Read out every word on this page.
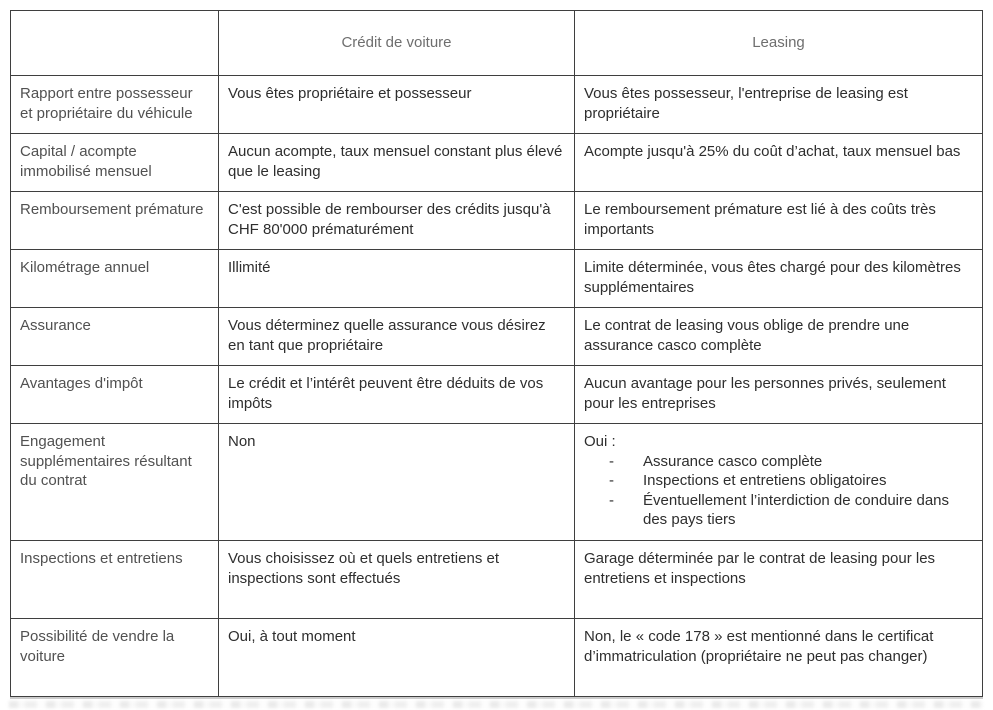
	Crédit de voiture	Leasing
Rapport entre possesseur et propriétaire du véhicule	Vous êtes propriétaire et possesseur	Vous êtes possesseur, l'entreprise de leasing est propriétaire
Capital / acompte immobilisé mensuel	Aucun acompte, taux mensuel constant plus élevé que le leasing	Acompte jusqu'à 25% du coût d’achat, taux mensuel bas
Remboursement prémature	C'est possible de rembourser des crédits jusqu'à CHF 80'000 prématurément	Le remboursement prémature est lié à des coûts très importants
Kilométrage annuel	Illimité	Limite déterminée, vous êtes chargé pour des kilomètres supplémentaires
Assurance	Vous déterminez quelle assurance vous désirez en tant que propriétaire	Le contrat de leasing vous oblige de prendre une assurance casco complète
Avantages d'impôt	Le crédit et l’intérêt peuvent être déduits de vos impôts	Aucun avantage pour les personnes privés, seulement pour les entreprises
Engagement supplémentaires résultant du contrat	Non	Oui :
- Assurance casco complète
- Inspections et entretiens obligatoires
- Éventuellement l’interdiction de conduire dans des pays tiers

Inspections et entretiens	Vous choisissez où et quels entretiens et inspections sont effectués	Garage déterminée par le contrat de leasing pour les entretiens et inspections
Possibilité de vendre la voiture	Oui, à tout moment	Non, le « code 178 » est mentionné dans le certificat d’immatriculation (propriétaire ne peut pas changer)
